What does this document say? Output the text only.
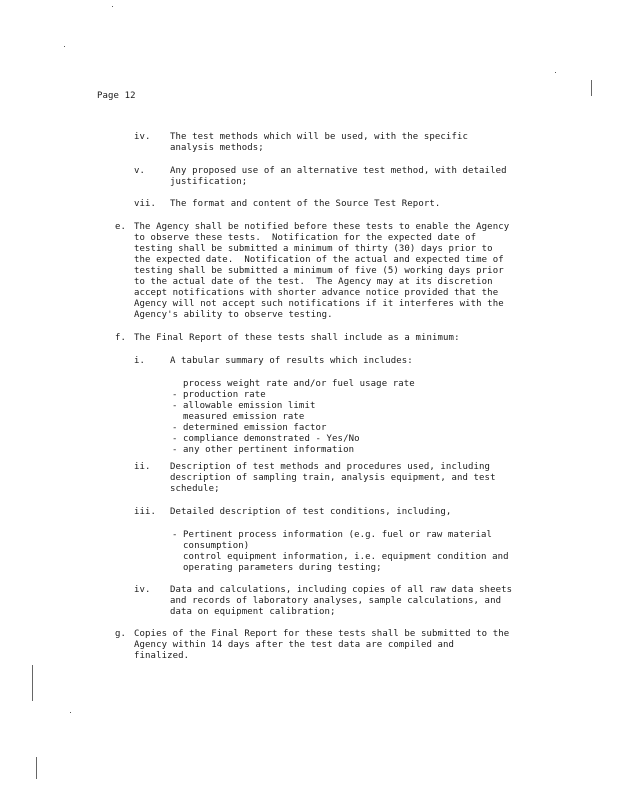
Page 12
iv. The test methods which will be used, with the specific
analysis methods;
v.	Any proposed use of an alternative test method, with detailed
justification;
vii. The format and content of the Source Test Report.
e. The Agency shall be notified before these tests to enable the Agency
to observe these tests.  Notification for the expected date of
testing shall be submitted a minimum of thirty (30) days prior to
the expected date.  Notification of the actual and expected time of
testing shall be submitted a minimum of five (5) working days prior
to the actual date of the test.  The Agency may at its discretion
accept notifications with shorter advance notice provided that the
Agency will not accept such notifications if it interferes with the
Agency's ability to observe testing.
f. The Final Report of these tests shall include as a minimum:
i.	A tabular summary of results which includes:
process weight rate and/or fuel usage rate
- production rate
- allowable emission limit
measured emission rate
- determined emission factor
- compliance demonstrated - Yes/No
- any other pertinent information
ii. Description of test methods and procedures used, including
description of sampling train, analysis equipment, and test
schedule;
iii. Detailed description of test conditions, including,
- Pertinent process information (e.g. fuel or raw material
consumption)
control equipment information, i.e. equipment condition and
operating parameters during testing;
iv. Data and calculations, including copies of all raw data sheets
and records of laboratory analyses, sample calculations, and
data on equipment calibration;
g. Copies of the Final Report for these tests shall be submitted to the
Agency within 14 days after the test data are compiled and
finalized.
